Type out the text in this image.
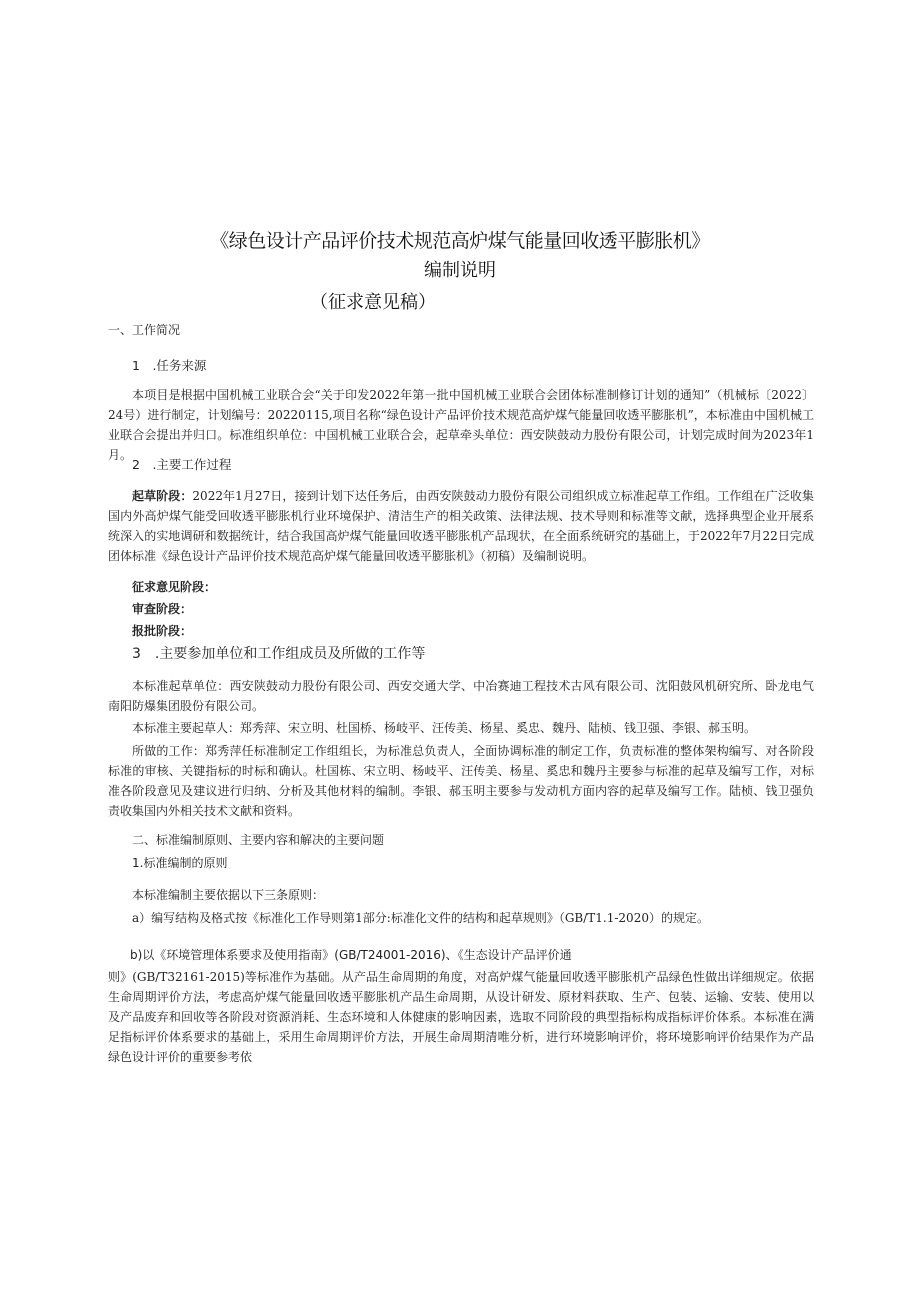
《绿色设计产品评价技术规范高炉煤气能量回收透平膨胀机》
编制说明
（征求意见稿）
一、工作简况
1　.任务来源
本项目是根据中国机械工业联合会“关于印发2022年第一批中国机械工业联合会团体标准制修订计划的通知”（机械标〔2022〕24号）进行制定，计划编号：20220115,项目名称“绿色设计产品评价技术规范高炉煤气能量回收透平膨胀机”，本标准由中国机械工业联合会提出并归口。标准组织单位：中国机械工业联合会，起草牵头单位：西安陕鼓动力股份有限公司，计划完成时间为2023年1月。
2　.主要工作过程
起草阶段：2022年1月27日，接到计划下达任务后，由西安陕鼓动力股份有限公司组织成立标准起草工作组。工作组在广泛收集国内外高炉煤气能受回收透平膨胀机行业环境保护、清洁生产的相关政策、法律法规、技术导则和标准等文献，选择典型企业开展系统深入的实地调研和数据统计，结合我国高炉煤气能量回收透平膨胀机产品现状，在全面系统研究的基础上，于2022年7月22日完成团体标准《绿色设计产品评价技术规范高炉煤气能量回收透平膨胀机》（初稿）及编制说明。
征求意见阶段：
审查阶段：
报批阶段：
3　.主要参加单位和工作组成员及所做的工作等
本标准起草单位：西安陕鼓动力股份有限公司、西安交通大学、中冶赛迪工程技术古风有限公司、沈阳鼓风机研究所、卧龙电气南阳防爆集团股份有限公司。
本标准主要起草人：郑秀萍、宋立明、杜国桥、杨岐平、汪传美、杨星、奚忠、魏丹、陆桢、钱卫强、李银、郝玉明。
所做的工作：郑秀萍任标准制定工作组组长，为标准总负责人，全面协调标准的制定工作，负责标准的整体架构编写、对各阶段标准的审核、关键指标的时标和确认。杜国栋、宋立明、杨岐平、汪传美、杨星、奚忠和魏丹主要参与标准的起草及编写工作，对标准各阶段意见及建议进行归纳、分析及其他材料的编制。李银、郝玉明主要参与发动机方面内容的起草及编写工作。陆桢、钱卫强负责收集国内外相关技术文献和资料。
二、标准编制原则、主要内容和解决的主要问题
1.标准编制的原则
本标准编制主要依据以下三条原则：
a）编写结构及格式按《标准化工作导则第1部分:标准化文件的结构和起草规则》（GB/T1.1-2020）的规定。
b)以《环境管理体系要求及使用指南》(GB/T24001-2016)、《生态设计产品评价通
则》(GB/T32161-2015)等标准作为基础。从产品生命周期的角度，对高炉煤气能量回收透平膨胀机产品绿色性做出详细规定。依据生命周期评价方法，考虑高炉煤气能量回收透平膨胀机产品生命周期，从设计研发、原材料获取、生产、包装、运输、安装、使用以及产品废弃和回收等各阶段对资源消耗、生态环境和人体健康的影响因素，选取不同阶段的典型指标构成指标评价体系。本标准在满足指标评价体系要求的基础上，采用生命周期评价方法，开展生命周期清唯分析，进行环境影响评价，将环境影响评价结果作为产品绿色设计评价的重要参考依
